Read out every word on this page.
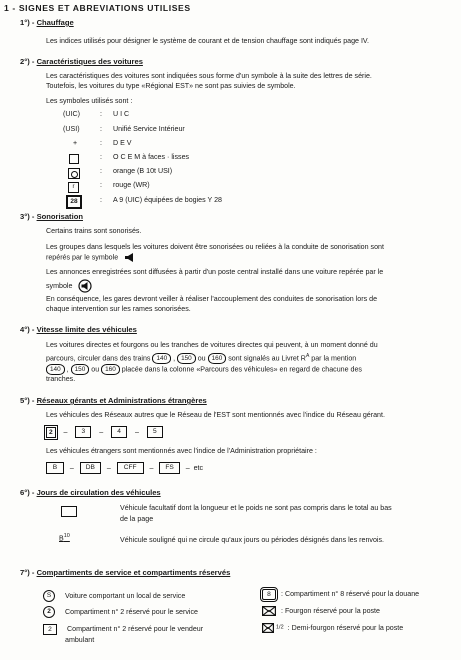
1 - SIGNES ET ABREVIATIONS UTILISES
1°) - Chauffage
Les indices utilisés pour désigner le système de courant et de tension chauffage sont indiqués page IV.
2°) - Caractéristiques des voitures
Les caractéristiques des voitures sont indiquées sous forme d'un symbole à la suite des lettres de série.
Toutefois, les voitures du type «Régional EST» ne sont pas suivies de symbole.
Les symboles utilisés sont :
(UIC)	: U I C
(USI)	: Unifié Service Intérieur
+	: D E V
: O C E M à faces · lisses
: orange (B 10t USI)
r	: rouge (WR)
28	: A 9 (UIC) équipées de bogies Y 28
3°) - Sonorisation
Certains trains sont sonorisés.
Les groupes dans lesquels les voitures doivent être sonorisées ou reliées à la conduite de sonorisation sont
repérés par le symbole
Les annonces enregistrées sont diffusées à partir d'un poste central installé dans une voiture repérée par le
symbole
En conséquence, les gares devront veiller à réaliser l'accouplement des conduites de sonorisation lors de
chaque intervention sur les rames sonorisées.
4°) - Vitesse limite des véhicules
Les voitures directes et fourgons ou les tranches de voitures directes qui peuvent, à un moment donné du
parcours, circuler dans des trains 140 , 150 ou 160 sont signalés au Livret $R^A$ par la mention
140 , 150 ou 160 placée dans la colonne «Parcours des véhicules» en regard de chacune des
tranches.
5°) - Réseaux gérants et Administrations étrangères
Les véhicules des Réseaux autres que le Réseau de l'EST sont mentionnés avec l'indice du Réseau gérant.
2    –    3    –    4    –    5
Les véhicules étrangers sont mentionnés avec l'indice de l'Administration propriétaire :
B   –   DB   –   CFF   –   FS   –  etc
6°) - Jours de circulation des véhicules
Véhicule facultatif dont la longueur et le poids ne sont pas compris dans le total au bas
de la page
$B^{10}$	Véhicule souligné qui ne circule qu'aux jours ou périodes désignés dans les renvois.
7°) - Compartiments de service et compartiments réservés
S Voiture comportant un local de service
2 Compartiment n° 2 réservé pour le service
2 Compartiment n° 2 réservé pour le vendeur
ambulant
8 : Compartiment n° 8 réservé pour la douane
: Fourgon réservé pour la poste
1/2 : Demi-fourgon réservé pour la poste
